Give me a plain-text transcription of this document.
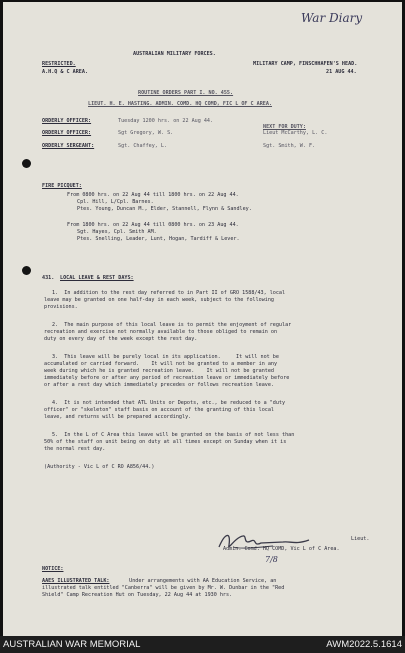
War Diary
AUSTRALIAN MILITARY FORCES.
RESTRICTED.
A.H.Q & C AREA.
MILITARY CAMP, FINSCHHAFEN'S HEAD.
21 AUG 44.
ROUTINE ORDERS PART I. NO. 455.
LIEUT. H. E. HASTING. ADMIN. COMD. HQ COMD, FIC L OF C AREA.
ORDERLY OFFICER:	Tuesday 1200 hrs. on 22 Aug 44.
NEXT FOR DUTY:
ORDERLY OFFICER:	Sgt Gregory, W. S.	Lieut McCarthy, L. C.
ORDERLY SERGEANT:	Sgt. Chaffey, L.	Sgt. Smith, W. F.
FIRE PICQUET:
From 0800 hrs. on 22 Aug 44 till 1800 hrs. on 22 Aug 44.
Cpl. Hill, L/Cpl. Barnes.
Ptes. Young, Duncan M., Elder, Stannell, Flynn & Sandley.
From 1800 hrs. on 22 Aug 44 till 0800 hrs. on 23 Aug 44.
Sgt. Hayes, Cpl. Smith AM.
Ptes. Snelling, Leader, Lunt, Hogan, Tardiff & Lever.
431. LOCAL LEAVE & REST DAYS:
1.  In addition to the rest day referred to in Part II of GRO 1588/43, local
leave may be granted on one half-day in each week, subject to the following
provisions.
2.  The main purpose of this local leave is to permit the enjoyment of regular
recreation and exercise not normally available to those obliged to remain on
duty on every day of the week except the rest day.
3.  This leave will be purely local in its application.     It will not be
accumulated or carried forward.    It will not be granted to a member in any
week during which he is granted recreation leave.    It will not be granted
immediately before or after any period of recreation leave or immediately before
or after a rest day which immediately precedes or follows recreation leave.
4.  It is not intended that ATL Units or Depots, etc., be reduced to a "duty
officer" or "skeleton" staff basis on account of the granting of this local
leave, and returns will be prepared accordingly.
5.  In the L of C Area this leave will be granted on the basis of not less than
50% of the staff on unit being on duty at all times except on Sunday when it is
the normal rest day.
(Authority - Vic L of C RO A856/44.)
Lieut.
Admin. Comd. HQ COMD, Vic L of C Area.
7/8
NOTICE:
AAES ILLUSTRATED TALK:	Under arrangements with AA Education Service, an
illustrated talk entitled "Canberra" will be given by Mr. W. Dunbar in the "Red
Shield" Camp Recreation Hut on Tuesday, 22 Aug 44 at 1930 hrs.
AUSTRALIAN WAR MEMORIAL	AWM2022.5.1614
